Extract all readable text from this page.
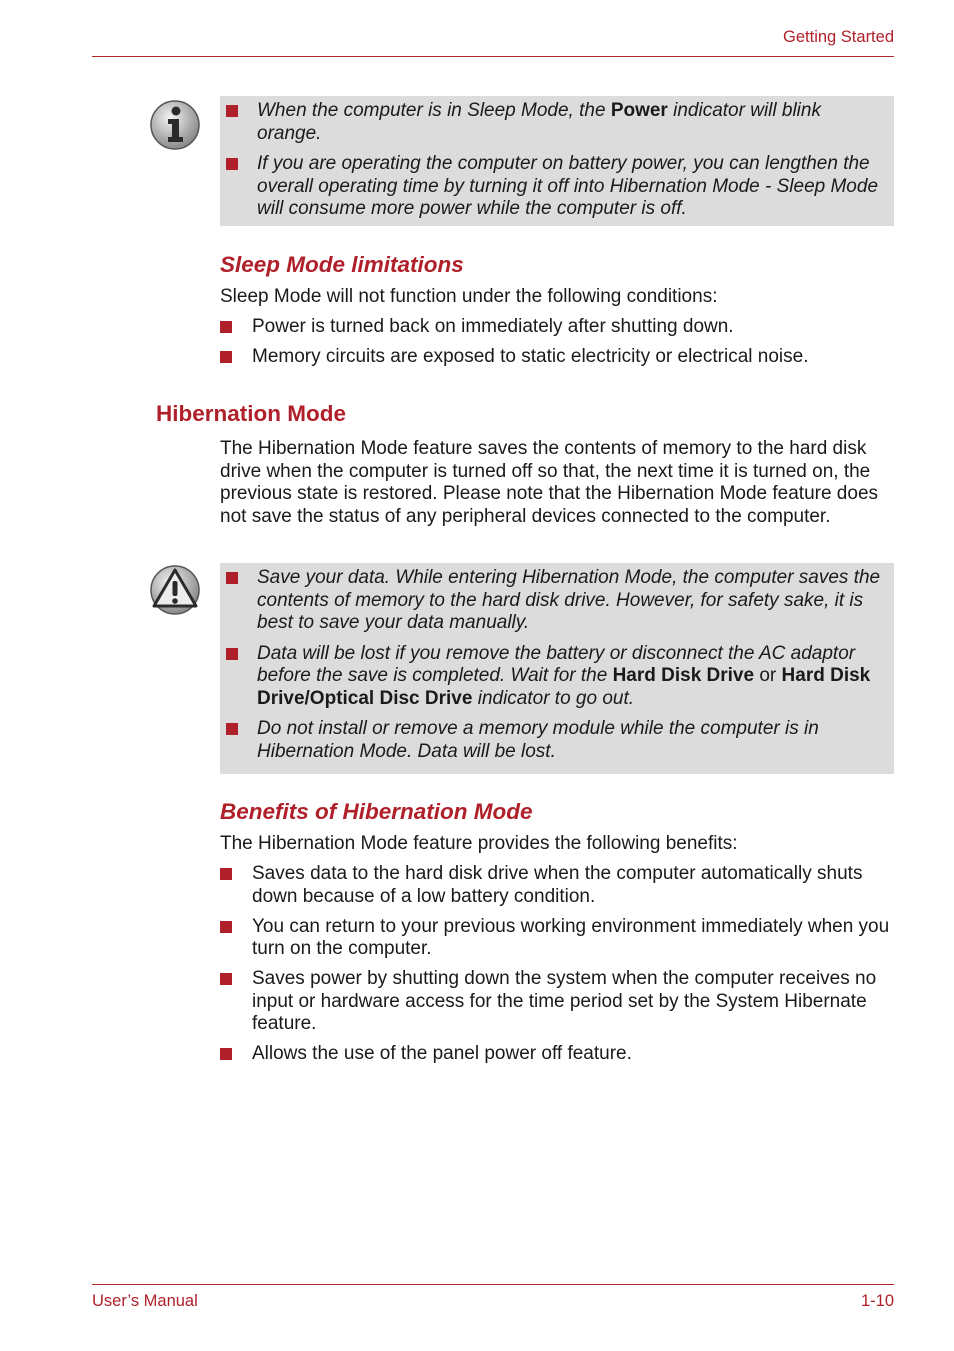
Getting Started
When the computer is in Sleep Mode, the Power indicator will blink orange.
If you are operating the computer on battery power, you can lengthen the overall operating time by turning it off into Hibernation Mode - Sleep Mode will consume more power while the computer is off.
Sleep Mode limitations
Sleep Mode will not function under the following conditions:
Power is turned back on immediately after shutting down.
Memory circuits are exposed to static electricity or electrical noise.
Hibernation Mode
The Hibernation Mode feature saves the contents of memory to the hard disk drive when the computer is turned off so that, the next time it is turned on, the previous state is restored. Please note that the Hibernation Mode feature does not save the status of any peripheral devices connected to the computer.
Save your data. While entering Hibernation Mode, the computer saves the contents of memory to the hard disk drive. However, for safety sake, it is best to save your data manually.
Data will be lost if you remove the battery or disconnect the AC adaptor before the save is completed. Wait for the Hard Disk Drive or Hard Disk Drive/Optical Disc Drive indicator to go out.
Do not install or remove a memory module while the computer is in Hibernation Mode. Data will be lost.
Benefits of Hibernation Mode
The Hibernation Mode feature provides the following benefits:
Saves data to the hard disk drive when the computer automatically shuts down because of a low battery condition.
You can return to your previous working environment immediately when you turn on the computer.
Saves power by shutting down the system when the computer receives no input or hardware access for the time period set by the System Hibernate feature.
Allows the use of the panel power off feature.
User’s Manual	1-10
